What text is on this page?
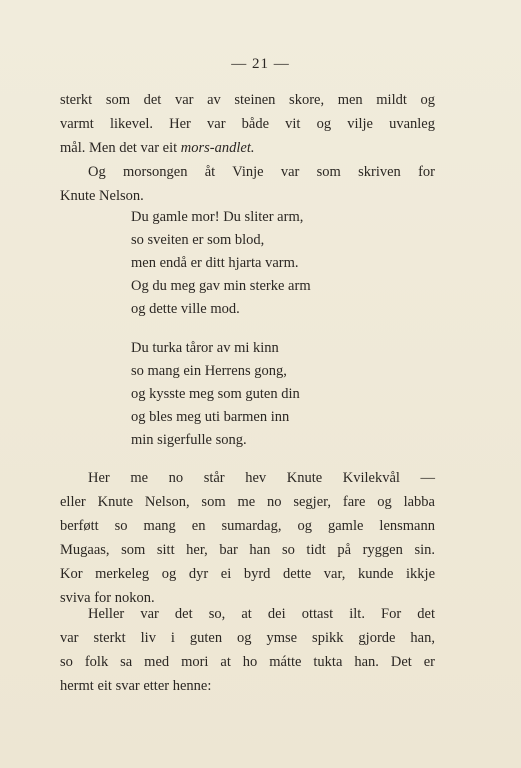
— 21 —
sterkt som det var av steinen skore, men mildt og
varmt likevel. Her var både vit og vilje uvanleg
mål. Men det var eit mors-andlet.
Og morsongen åt Vinje var som skriven for
Knute Nelson.
Du gamle mor! Du sliter arm,
so sveiten er som blod,
men endå er ditt hjarta varm.
Og du meg gav min sterke arm
og dette ville mod.
Du turka tåror av mi kinn
so mang ein Herrens gong,
og kysste meg som guten din
og bles meg uti barmen inn
min sigerfulle song.
Her me no står hev Knute Kvilekvål —
eller Knute Nelson, som me no segjer, fare og labba
berføtt so mang en sumardag, og gamle lensmann
Mugaas, som sitt her, bar han so tidt på ryggen sin.
Kor merkeleg og dyr ei byrd dette var, kunde ikkje
sviva for nokon.
Heller var det so, at dei ottast ilt. For det
var sterkt liv i guten og ymse spikk gjorde han,
so folk sa med mori at ho mátte tukta han. Det er
hermt eit svar etter henne:
